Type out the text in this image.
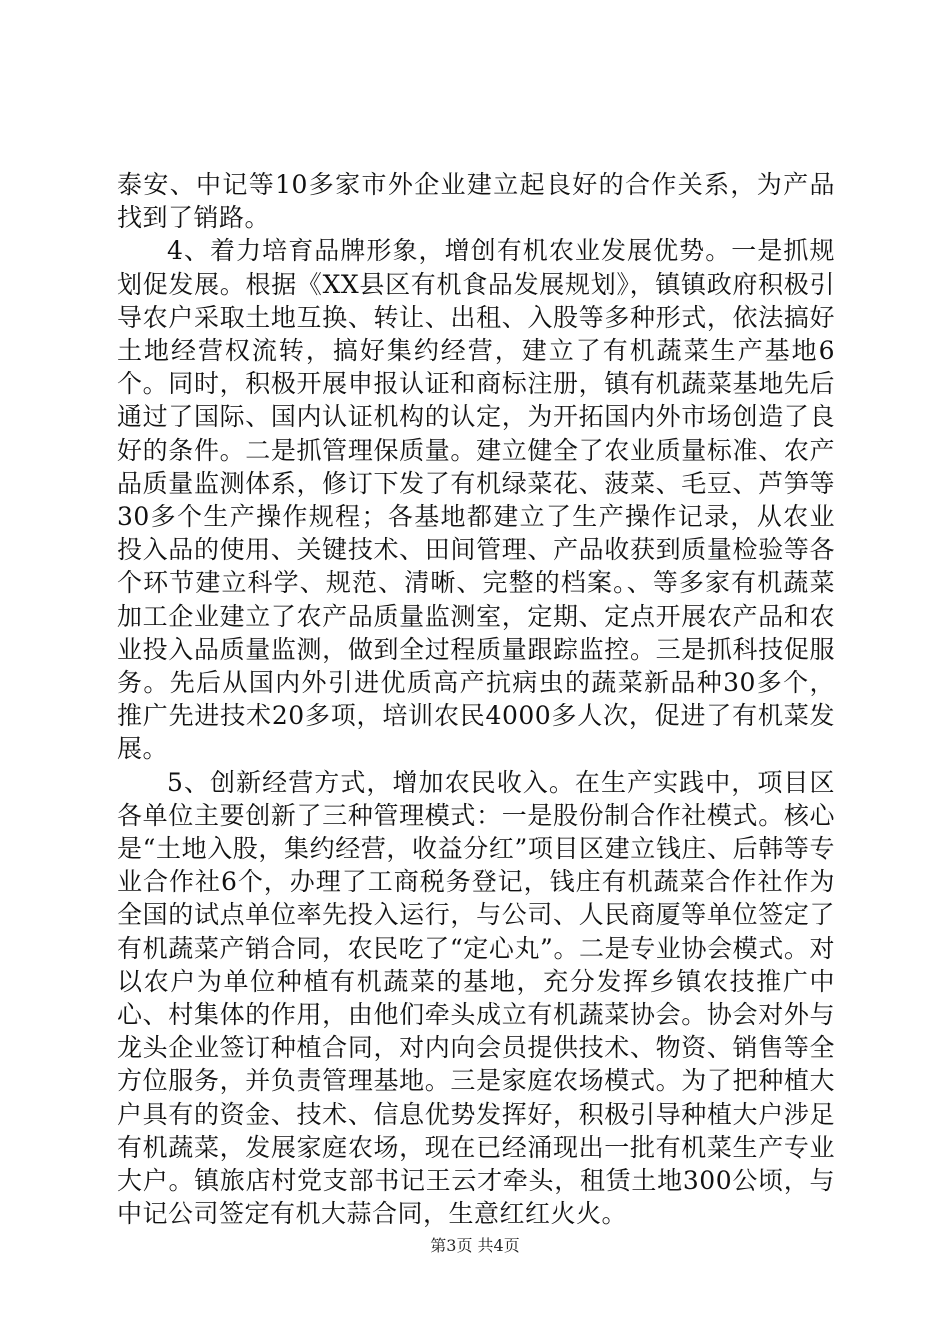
泰安、中记等10多家市外企业建立起良好的合作关系，为产品找到了销路。

4、着力培育品牌形象，增创有机农业发展优势。一是抓规划促发展。根据《XX县区有机食品发展规划》，镇镇政府积极引导农户采取土地互换、转让、出租、入股等多种形式，依法搞好土地经营权流转，搞好集约经营，建立了有机蔬菜生产基地6个。同时，积极开展申报认证和商标注册，镇有机蔬菜基地先后通过了国际、国内认证机构的认定，为开拓国内外市场创造了良好的条件。二是抓管理保质量。建立健全了农业质量标准、农产品质量监测体系，修订下发了有机绿菜花、菠菜、毛豆、芦笋等30多个生产操作规程；各基地都建立了生产操作记录，从农业投入品的使用、关键技术、田间管理、产品收获到质量检验等各个环节建立科学、规范、清晰、完整的档案。、等多家有机蔬菜加工企业建立了农产品质量监测室，定期、定点开展农产品和农业投入品质量监测，做到全过程质量跟踪监控。三是抓科技促服务。先后从国内外引进优质高产抗病虫的蔬菜新品种30多个，推广先进技术20多项，培训农民4000多人次，促进了有机菜发展。

5、创新经营方式，增加农民收入。在生产实践中，项目区各单位主要创新了三种管理模式：一是股份制合作社模式。核心是“土地入股，集约经营，收益分红”项目区建立钱庄、后韩等专业合作社6个，办理了工商税务登记，钱庄有机蔬菜合作社作为全国的试点单位率先投入运行，与公司、人民商厦等单位签定了有机蔬菜产销合同，农民吃了“定心丸”。二是专业协会模式。对以农户为单位种植有机蔬菜的基地，充分发挥乡镇农技推广中心、村集体的作用，由他们牵头成立有机蔬菜协会。协会对外与龙头企业签订种植合同，对内向会员提供技术、物资、销售等全方位服务，并负责管理基地。三是家庭农场模式。为了把种植大户具有的资金、技术、信息优势发挥好，积极引导种植大户涉足有机蔬菜，发展家庭农场，现在已经涌现出一批有机菜生产专业大户。镇旅店村党支部书记王云才牵头，租赁土地300公顷，与中记公司签定有机大蒜合同，生意红红火火。

第3页 共4页
